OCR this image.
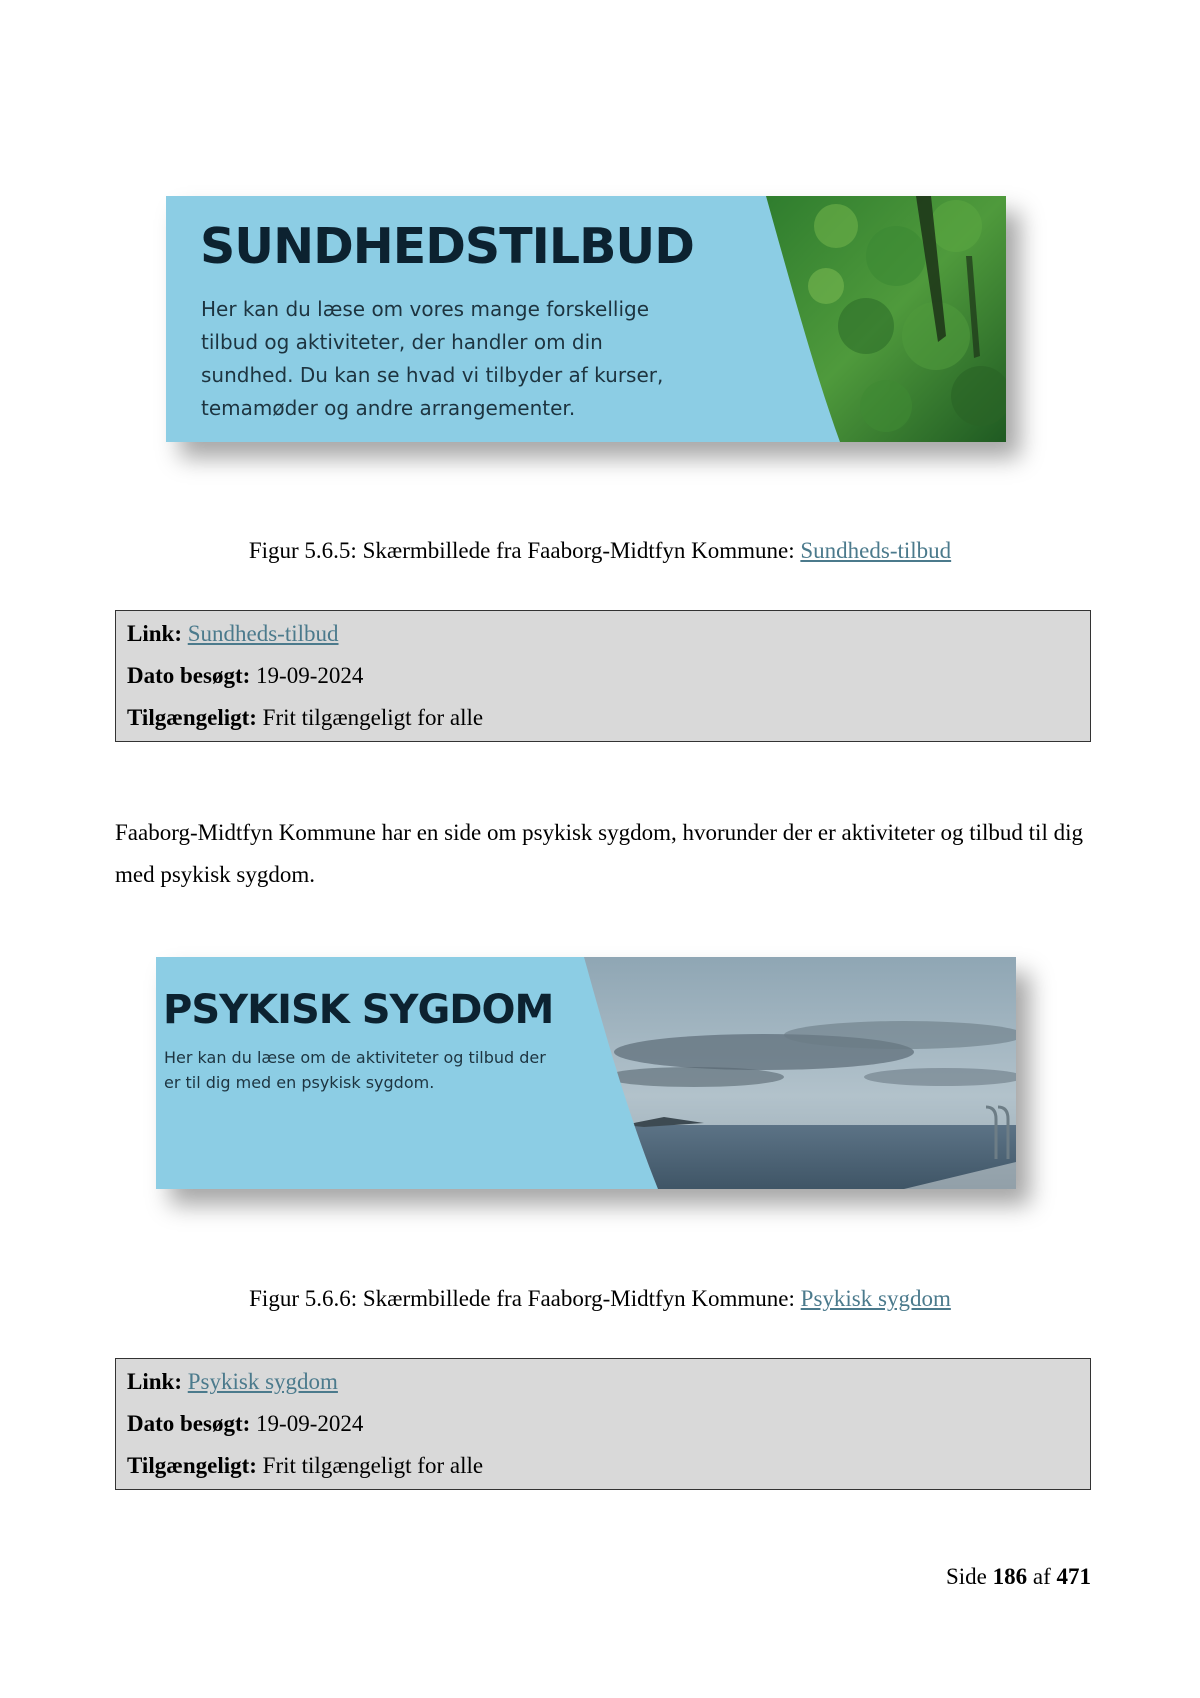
SUNDHEDSTILBUD

Her kan du læse om vores mange forskellige

tilbud og aktiviteter, der handler om din

sundhed. Du kan se hvad vi tilbyder af kurser,

temamøder og andre arrangementer.

Figur 5.6.5: Skærmbillede fra Faaborg-Midtfyn Kommune: Sundheds-tilbud
Link: Sundheds-tilbud
Dato besøgt: 19-09-2024
Tilgængeligt: Frit tilgængeligt for alle
Faaborg-Midtfyn Kommune har en side om psykisk sygdom, hvorunder der er aktiviteter og tilbud til dig med psykisk sygdom.
PSYKISK SYGDOM

Her kan du læse om de aktiviteter og tilbud der

er til dig med en psykisk sygdom.

Figur 5.6.6: Skærmbillede fra Faaborg-Midtfyn Kommune: Psykisk sygdom
Link: Psykisk sygdom
Dato besøgt: 19-09-2024
Tilgængeligt: Frit tilgængeligt for alle
Side 186 af 471
